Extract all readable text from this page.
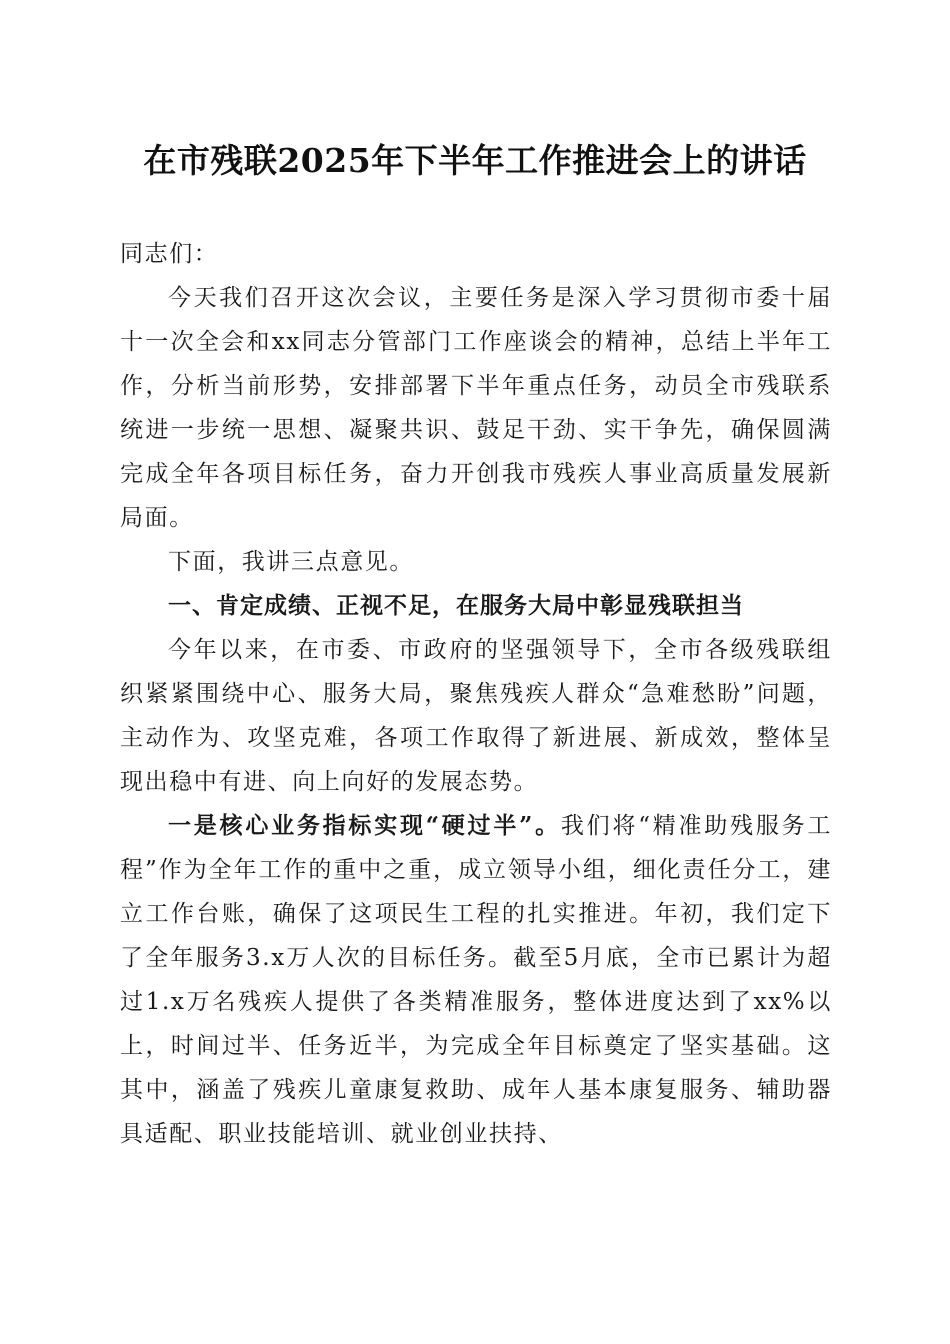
在市残联2025年下半年工作推进会上的讲话

同志们：

今天我们召开这次会议，主要任务是深入学习贯彻市委十届十一次全会和xx同志分管部门工作座谈会的精神，总结上半年工作，分析当前形势，安排部署下半年重点任务，动员全市残联系统进一步统一思想、凝聚共识、鼓足干劲、实干争先，确保圆满完成全年各项目标任务，奋力开创我市残疾人事业高质量发展新局面。

下面，我讲三点意见。

一、肯定成绩、正视不足，在服务大局中彰显残联担当

今年以来，在市委、市政府的坚强领导下，全市各级残联组织紧紧围绕中心、服务大局，聚焦残疾人群众“急难愁盼”问题，主动作为、攻坚克难，各项工作取得了新进展、新成效，整体呈现出稳中有进、向上向好的发展态势。

一是核心业务指标实现“硬过半”。我们将“精准助残服务工程”作为全年工作的重中之重，成立领导小组，细化责任分工，建立工作台账，确保了这项民生工程的扎实推进。年初，我们定下了全年服务3.x万人次的目标任务。截至5月底，全市已累计为超过1.x万名残疾人提供了各类精准服务，整体进度达到了xx%以上，时间过半、任务近半，为完成全年目标奠定了坚实基础。这其中，涵盖了残疾儿童康复救助、成年人基本康复服务、辅助器具适配、职业技能培训、就业创业扶持、
